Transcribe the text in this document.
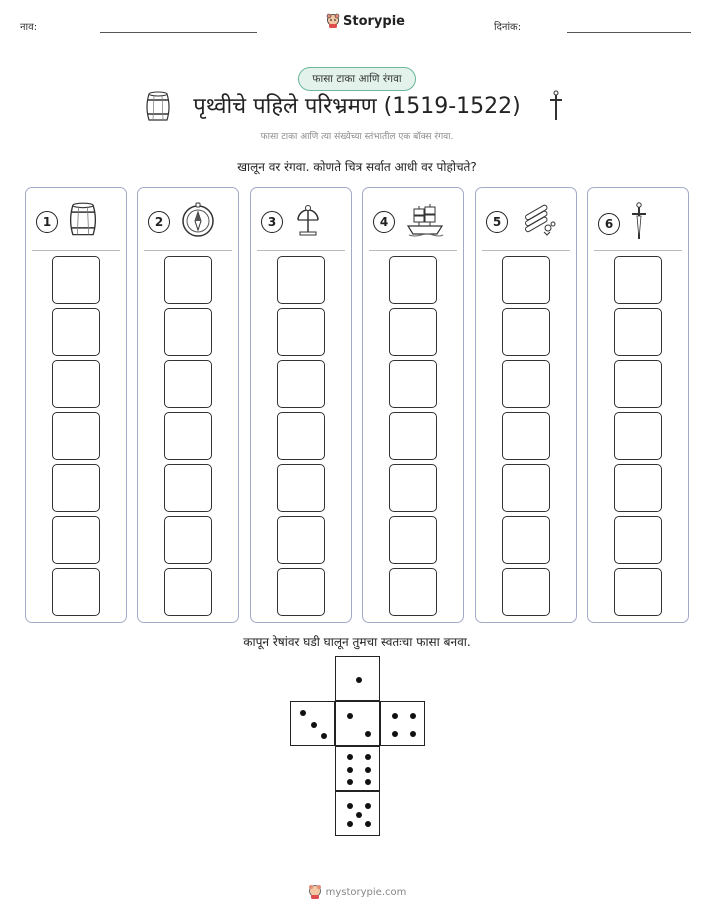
नाव:	Storypie	दिनांक:
फासा टाका आणि रंगवा
पृथ्वीचे पहिले परिभ्रमण (1519-1522)
फासा टाका आणि त्या संख्येच्या स्तंभातील एक बॉक्स रंगवा.
खालून वर रंगवा. कोणते चित्र सर्वात आधी वर पोहोचते?
1	2	3	4	5	6
कापून रेषांवर घडी घालून तुमचा स्वतःचा फासा बनवा.
mystorypie.com
